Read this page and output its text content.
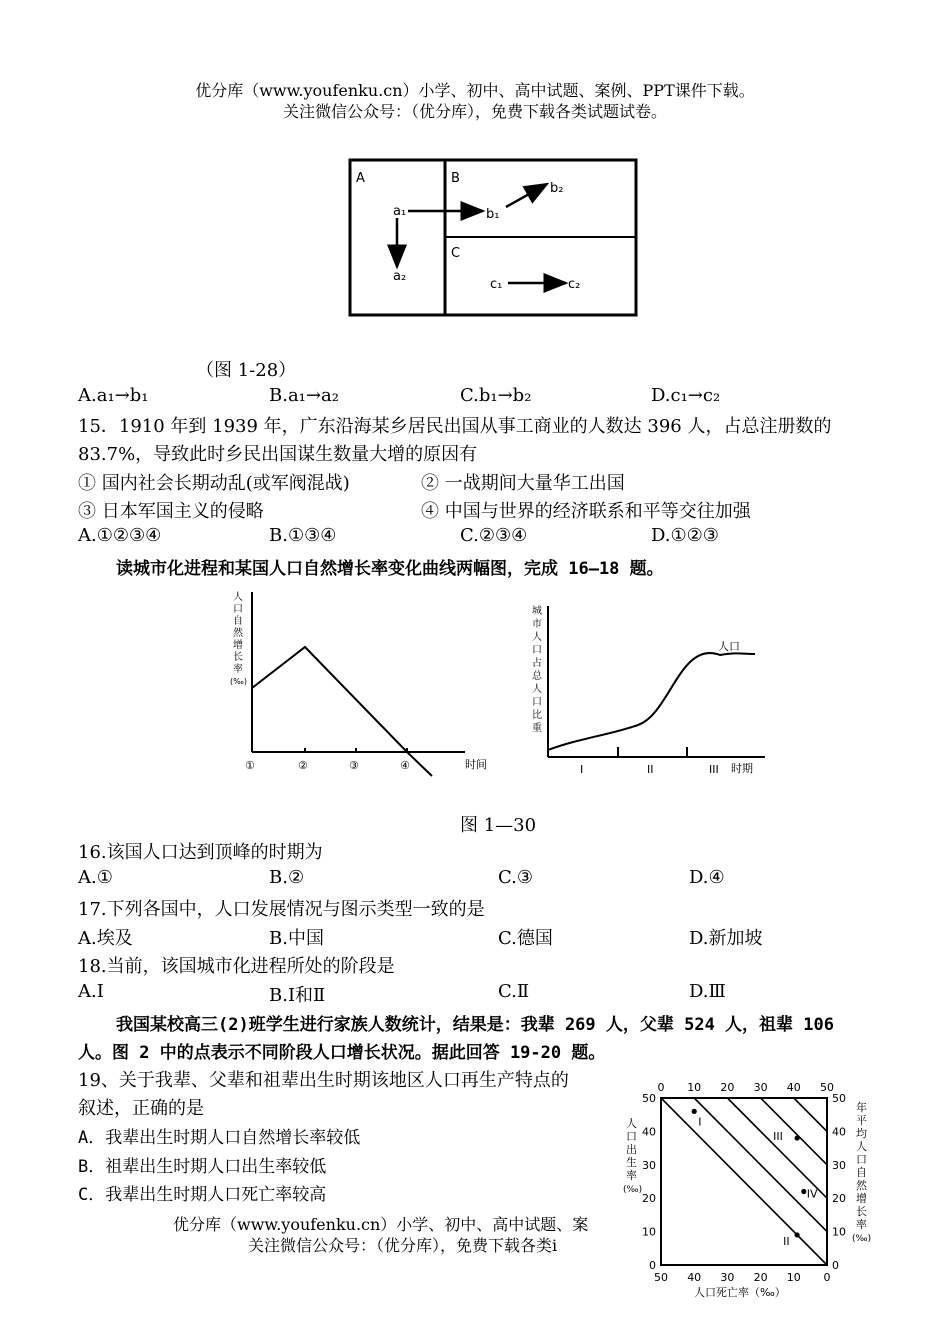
优分库（www.youfenku.cn）小学、初中、高中试题、案例、PPT课件下载。
关注微信公众号：（优分库），免费下载各类试题试卷。
A	B
C
a₁
a₂
b₁
b₂
c₁	c₂
（图 1-28）
A.a₁→b₁	B.a₁→a₂	C.b₁→b₂	D.c₁→c₂
15．1910 年到 1939 年，广东沿海某乡居民出国从事工商业的人数达 396 人，占总注册数的
83.7%，导致此时乡民出国谋生数量大增的原因有
① 国内社会长期动乱(或军阀混战)	② 一战期间大量华工出国
③ 日本军国主义的侵略	④ 中国与世界的经济联系和平等交往加强
A.①②③④	B.①③④	C.②③④	D.①②③
读城市化进程和某国人口自然增长率变化曲线两幅图，完成 16—18 题。
人
口
自
然
增
长
率
(‰)
①	②	③	④	时间
城
市
人
口
占
总
人
口
比
重
人口
I	II	III 时期
图 1—30
16.该国人口达到顶峰的时期为
A.①	B.②	C.③	D.④
17.下列各国中，人口发展情况与图示类型一致的是
A.埃及	B.中国	C.德国	D.新加坡
18.当前，该国城市化进程所处的阶段是
A.Ⅰ	B.Ⅰ和Ⅱ	C.Ⅱ	D.Ⅲ
我国某校高三(2)班学生进行家族人数统计，结果是：我辈 269 人，父辈 524 人，祖辈 106
人。图 2 中的点表示不同阶段人口增长状况。据此回答 19-20 题。
19、关于我辈、父辈和祖辈出生时期该地区人口再生产特点的
叙述，正确的是
A．我辈出生时期人口自然增长率较低
B．祖辈出生时期人口出生率较低
C．我辈出生时期人口死亡率较高
优分库（www.youfenku.cn）小学、初中、高中试题、案
关注微信公众号：（优分库），免费下载各类i
I
III
IV
II
0
50
50	50
10
40
40	40
20
30
30	30
30
20
20	20
40
10
10	10
50
0
0	0
人
口
出
生
率
(‰)
年
平
均
人
口
自
然
增
长
率
(‰)
人口死亡率（‰）
